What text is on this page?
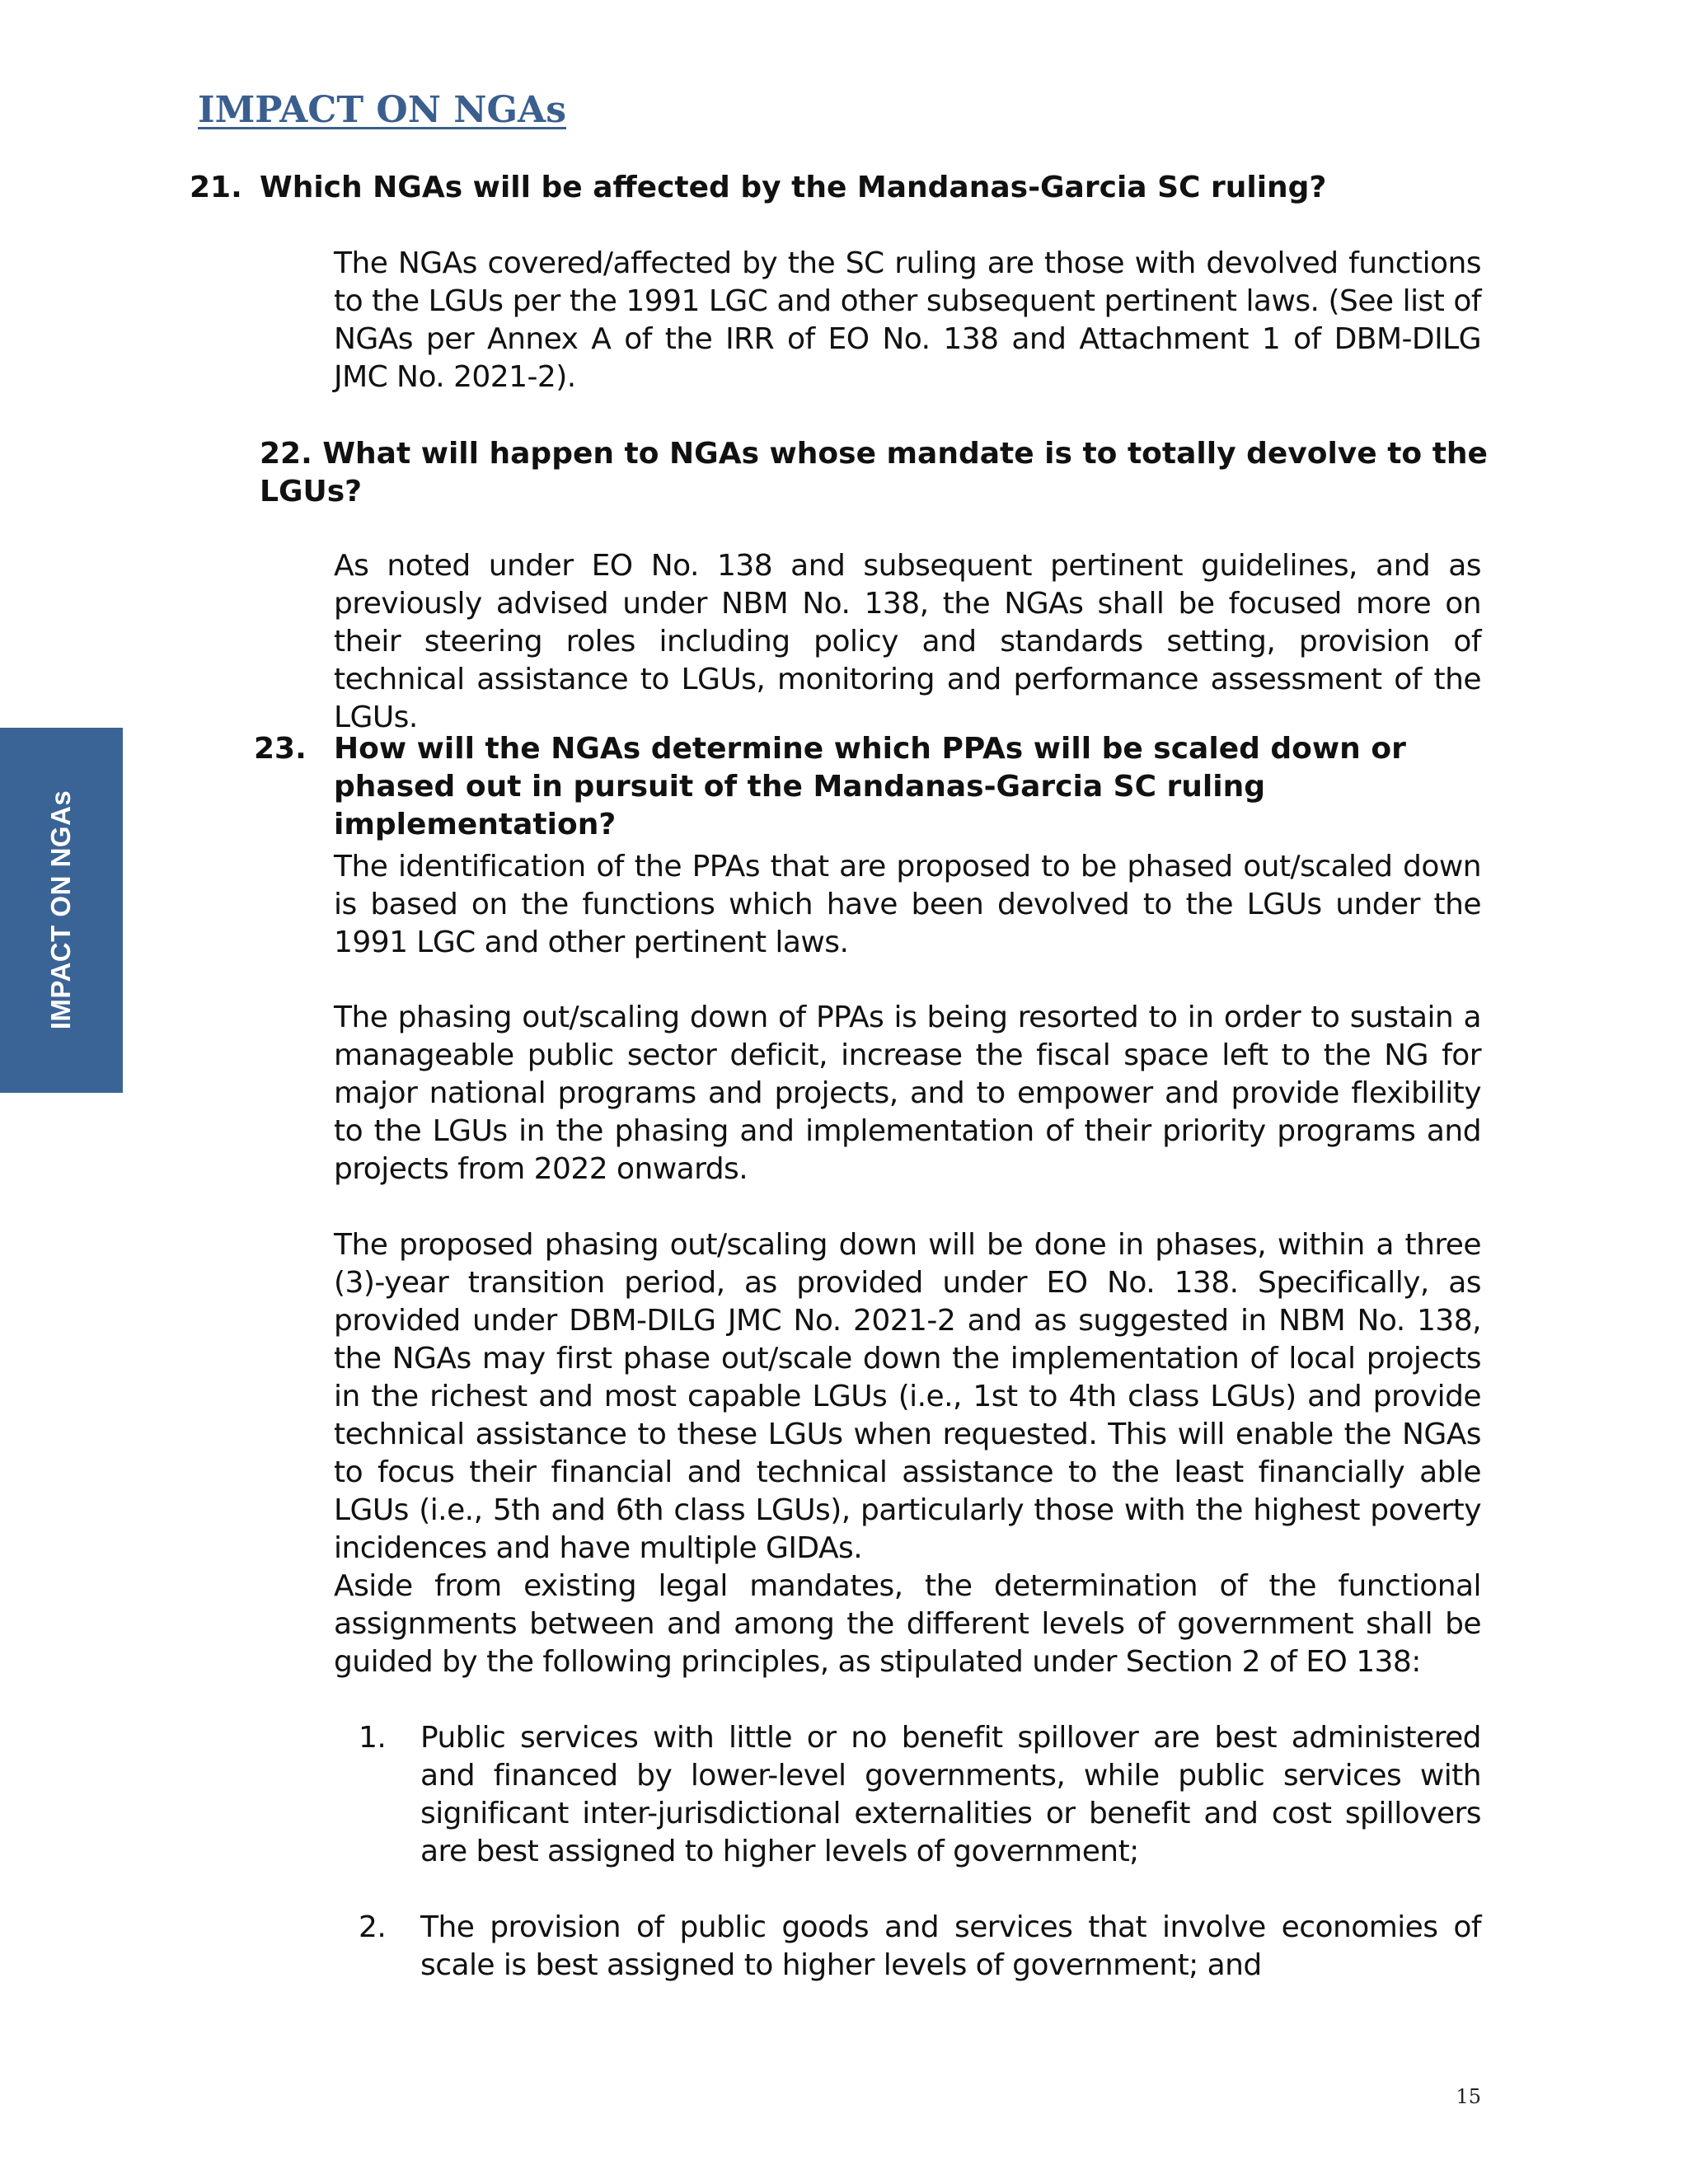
IMPACT ON NGAs
IMPACT ON NGAs

21. Which NGAs will be affected by the Mandanas-Garcia SC ruling?

The NGAs covered/affected by the SC ruling are those with devolved functions to the LGUs per the 1991 LGC and other subsequent pertinent laws. (See list of NGAs per Annex A of the IRR of EO No. 138 and Attachment 1 of DBM-DILG JMC No. 2021-2).

22. What will happen to NGAs whose mandate is to totally devolve to the LGUs?

As noted under EO No. 138 and subsequent pertinent guidelines, and as previously advised under NBM No. 138, the NGAs shall be focused more on their steering roles including policy and standards setting, provision of technical assistance to LGUs, monitoring and performance assessment of the LGUs.

23. How will the NGAs determine which PPAs will be scaled down or phased out in pursuit of the Mandanas-Garcia SC ruling implementation?

The identification of the PPAs that are proposed to be phased out/scaled down is based on the functions which have been devolved to the LGUs under the 1991 LGC and other pertinent laws.

The phasing out/scaling down of PPAs is being resorted to in order to sustain a manageable public sector deficit, increase the fiscal space left to the NG for major national programs and projects, and to empower and provide flexibility to the LGUs in the phasing and implementation of their priority programs and projects from 2022 onwards.

The proposed phasing out/scaling down will be done in phases, within a three (3)-year transition period, as provided under EO No. 138. Specifically, as provided under DBM-DILG JMC No. 2021-2 and as suggested in NBM No. 138, the NGAs may first phase out/scale down the implementation of local projects in the richest and most capable LGUs (i.e., 1st to 4th class LGUs) and provide technical assistance to these LGUs when requested. This will enable the NGAs to focus their financial and technical assistance to the least financially able LGUs (i.e., 5th and 6th class LGUs), particularly those with the highest poverty incidences and have multiple GIDAs.

Aside from existing legal mandates, the determination of the functional assignments between and among the different levels of government shall be guided by the following principles, as stipulated under Section 2 of EO 138:

1. Public services with little or no benefit spillover are best administered and financed by lower-level governments, while public services with significant inter-jurisdictional externalities or benefit and cost spillovers are best assigned to higher levels of government;

2. The provision of public goods and services that involve economies of scale is best assigned to higher levels of government; and

15
